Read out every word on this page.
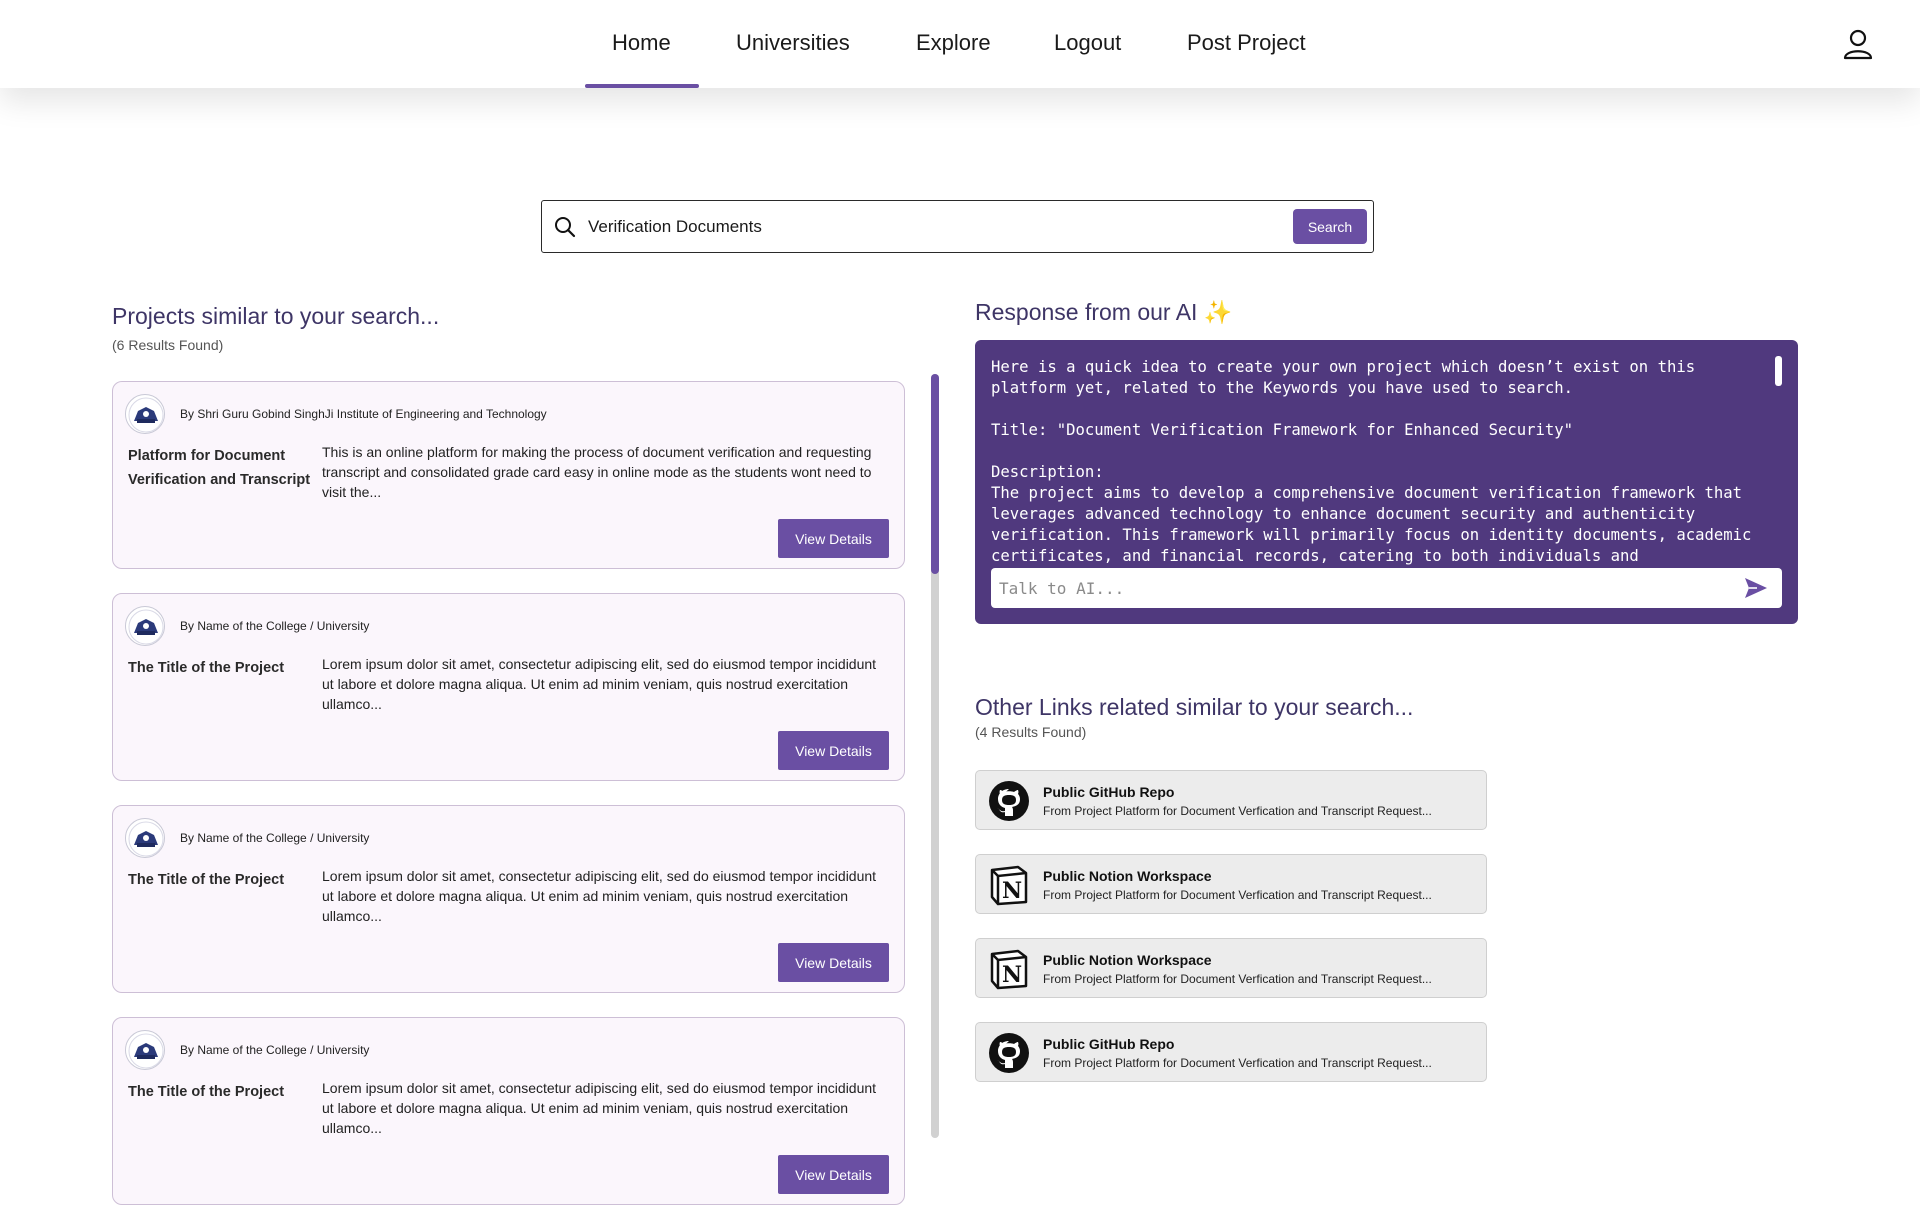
Home	Universities	Explore	Logout	Post Project
Verification Documents
Search
Projects similar to your search...
(6 Results Found)
By Shri Guru Gobind SinghJi Institute of Engineering and Technology
Platform for Document Verification and Transcript
This is an online platform for making the process of document verification and requesting transcript and consolidated grade card easy in online mode as the students wont need to visit the...
View Details
By Name of the College / University
The Title of the Project	Lorem ipsum dolor sit amet, consectetur adipiscing elit, sed do eiusmod tempor incididunt ut labore et dolore magna aliqua. Ut enim ad minim veniam, quis nostrud exercitation ullamco...
View Details
By Name of the College / University
The Title of the Project	Lorem ipsum dolor sit amet, consectetur adipiscing elit, sed do eiusmod tempor incididunt ut labore et dolore magna aliqua. Ut enim ad minim veniam, quis nostrud exercitation ullamco...
View Details
By Name of the College / University
The Title of the Project	Lorem ipsum dolor sit amet, consectetur adipiscing elit, sed do eiusmod tempor incididunt ut labore et dolore magna aliqua. Ut enim ad minim veniam, quis nostrud exercitation ullamco...
View Details
Response from our AI ✨
Here is a quick idea to create your own project which doesn’t exist on this platform yet, related to the Keywords you have used to search.

Title: "Document Verification Framework for Enhanced Security"

Description:
The project aims to develop a comprehensive document verification framework that leverages advanced technology to enhance document security and authenticity verification. This framework will primarily focus on identity documents, academic certificates, and financial records, catering to both individuals and
Talk to AI...
Other Links related similar to your search...
(4 Results Found)
Public GitHub Repo
From Project Platform for Document Verfication and Transcript Request...
N
Public Notion Workspace
From Project Platform for Document Verfication and Transcript Request...
N
Public Notion Workspace
From Project Platform for Document Verfication and Transcript Request...
Public GitHub Repo
From Project Platform for Document Verfication and Transcript Request...
